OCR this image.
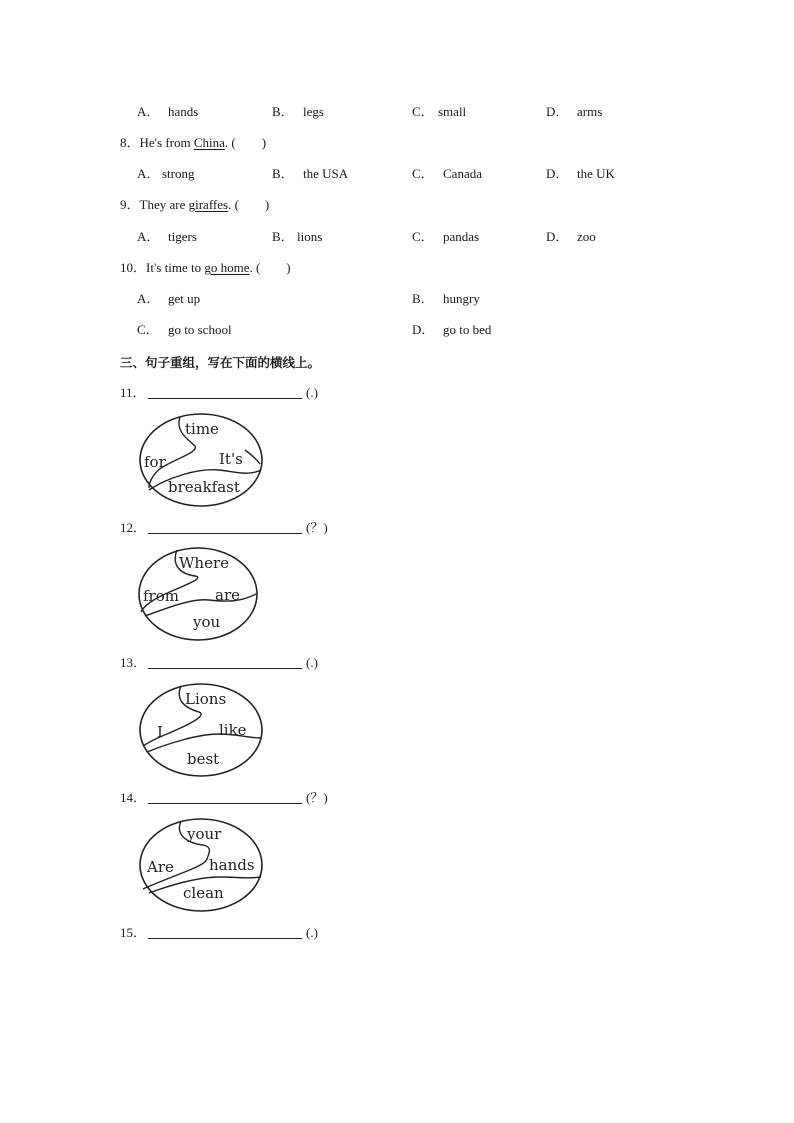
A． hands	B． legs	C． small	D． arms
8．He's from China. (　　)
A． strong	B． the USA	C． Canada	D． the UK
9．They are giraffes. (　　)
A． tigers	B． lions	C． pandas	D． zoo
10．It's time to go home. (　　)
A． get up	B． hungry
C． go to school	D． go to bed
三、句子重组，写在下面的横线上。
11．	(.)
time
for	It's
breakfast
12．	(？)
Where
from are
you
13．	(.)
Lions
I	like
best
14．	(？)
your
Are hands
clean
15．	(.)
